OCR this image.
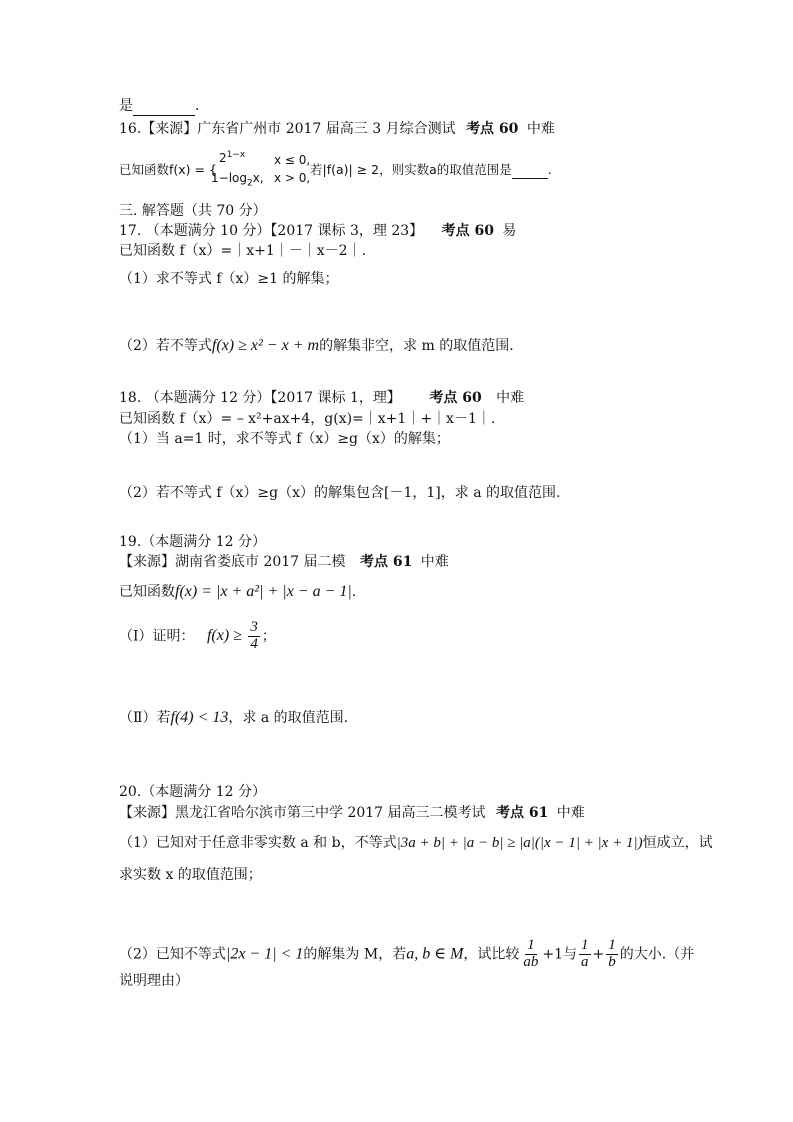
是	.
16.【来源】广东省广州市 2017 届高三 3 月综合测试 考点 60 中难
已知函数f(x) = {
$2^{1-x}$ x ≤ 0,
$1-\log_2x$, x > 0,
若|f(a)| ≥ 2，则实数a的取值范围是	.
三. 解答题（共 70 分）
17. （本题满分 10 分）【2017 课标 3，理 23】 考点 60 易
已知函数 f（x）=｜x+1｜－｜x－2｜.
（1）求不等式 f（x）≥1 的解集；
（2）若不等式f(x) ≥ x² − x + m的解集非空，求 m 的取值范围.
18. （本题满分 12 分）【2017 课标 1，理】 考点 60 中难
已知函数 f（x）= – x²+ax+4，g(x)=｜x+1｜+｜x－1｜.
（1）当 a=1 时，求不等式 f（x）≥g（x）的解集；
（2）若不等式 f（x）≥g（x）的解集包含[－1，1]，求 a 的取值范围.
19.（本题满分 12 分）
【来源】湖南省娄底市 2017 届二模 考点 61 中难
已知函数f(x) = |x + a²| + |x − a − 1|.
（Ⅰ）证明： $f(x) \ge \frac{3}{4}$ ；
（Ⅱ）若f(4) < 13，求 a 的取值范围.
20.（本题满分 12 分）
【来源】黑龙江省哈尔滨市第三中学 2017 届高三二模考试 考点 61 中难
（1）已知对于任意非零实数 a 和 b，不等式|3a + b| + |a − b| ≥ |a|(|x − 1| + |x + 1|)恒成立，试
求实数 x 的取值范围；
（2）已知不等式|2x − 1| < 1的解集为 M，若a, b ∈ M，试比较 $\frac{1}{ab} +1$与 $\frac{1}{a} + \frac{1}{b}$ 的大小.（并
说明理由）
